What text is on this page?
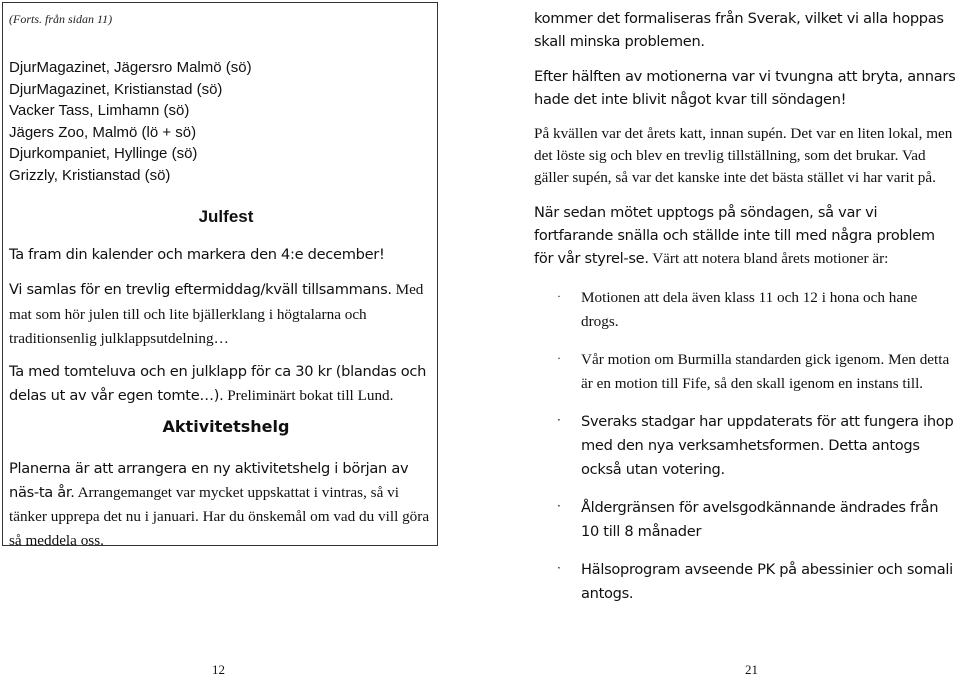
(Forts. från sidan 11)
DjurMagazinet, Jägersro Malmö (sö)
DjurMagazinet, Kristianstad (sö)
Vacker Tass, Limhamn (sö)
Jägers Zoo, Malmö (lö + sö)
Djurkompaniet, Hyllinge (sö)
Grizzly, Kristianstad (sö)
Julfest
Ta fram din kalender och markera den 4:e december!
Vi samlas för en trevlig eftermiddag/kväll tillsammans. Med mat som hör julen till och lite bjällerklang i högtalarna och traditionsenlig julklappsutdelning…
Ta med tomteluva och en julklapp för ca 30 kr (blandas och delas ut av vår egen tomte…). Preliminärt bokat till Lund.
Aktivitetshelg
Planerna är att arrangera en ny aktivitetshelg i början av näs-ta år. Arrangemanget var mycket uppskattat i vintras, så vi tänker upprepa det nu i januari. Har du önskemål om vad du vill göra så meddela oss.

kommer det formaliseras från Sverak, vilket vi alla hoppas skall minska problemen.

Efter hälften av motionerna var vi tvungna att bryta, annars hade det inte blivit något kvar till söndagen!

På kvällen var det årets katt, innan supén. Det var en liten lokal, men det löste sig och blev en trevlig tillställning, som det brukar. Vad gäller supén, så var det kanske inte det bästa stället vi har varit på.

När sedan mötet upptogs på söndagen, så var vi fortfarande snälla och ställde inte till med några problem för vår styrel-se. Värt att notera bland årets motioner är:

· Motionen att dela även klass 11 och 12 i hona och hane drogs.
· Vår motion om Burmilla standarden gick igenom. Men detta är en motion till Fife, så den skall igenom en instans till.
· Sveraks stadgar har uppdaterats för att fungera ihop med den nya verksamhetsformen. Detta antogs också utan votering.
· Åldergränsen för avelsgodkännande ändrades från 10 till 8 månader
· Hälsoprogram avseende PK på abessinier och somali antogs.
12	21
